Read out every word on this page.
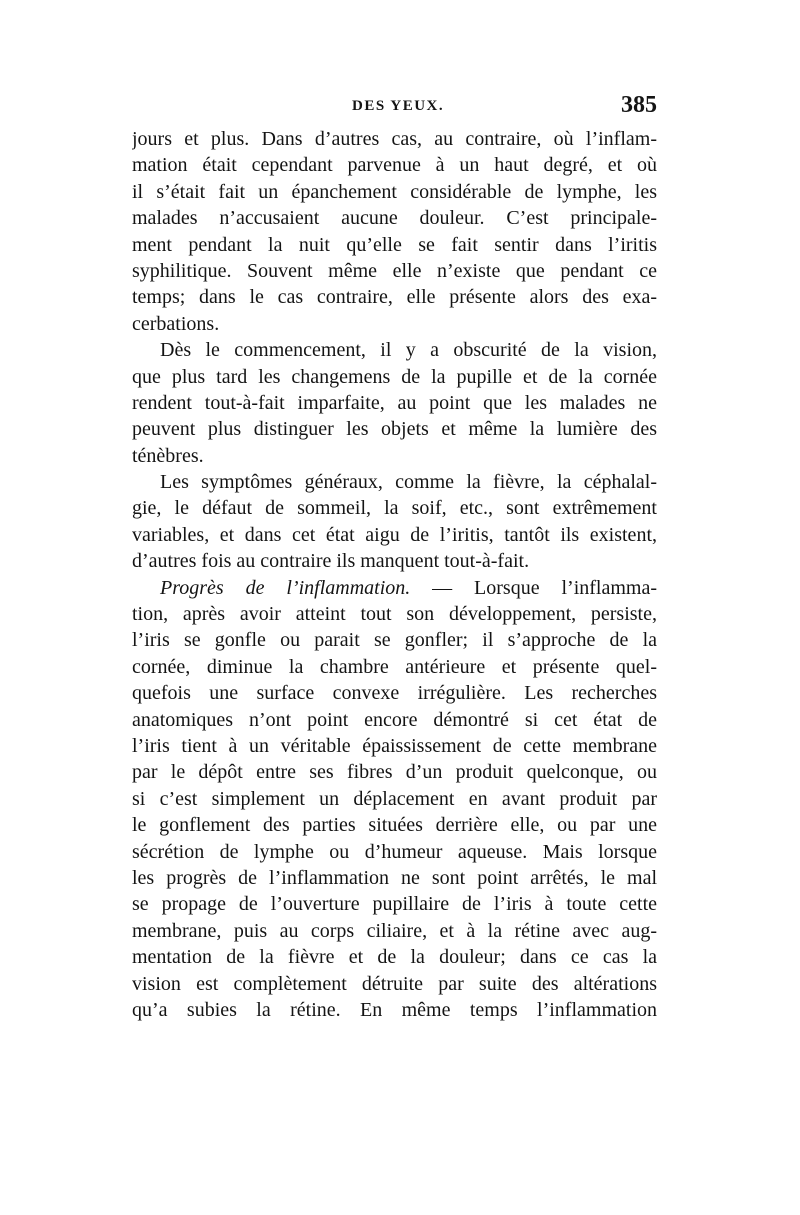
DES YEUX.	385
jours et plus. Dans d’autres cas, au contraire, où l’inflam-
mation était cependant parvenue à un haut degré, et où
il s’était fait un épanchement considérable de lymphe, les
malades n’accusaient aucune douleur. C’est principale-
ment pendant la nuit qu’elle se fait sentir dans l’iritis
syphilitique. Souvent même elle n’existe que pendant ce
temps; dans le cas contraire, elle présente alors des exa-
cerbations.
Dès le commencement, il y a obscurité de la vision,
que plus tard les changemens de la pupille et de la cornée
rendent tout-à-fait imparfaite, au point que les malades ne
peuvent plus distinguer les objets et même la lumière des
ténèbres.
Les symptômes généraux, comme la fièvre, la céphalal-
gie, le défaut de sommeil, la soif, etc., sont extrêmement
variables, et dans cet état aigu de l’iritis, tantôt ils existent,
d’autres fois au contraire ils manquent tout-à-fait.
Progrès de l’inflammation. — Lorsque l’inflamma-
tion, après avoir atteint tout son développement, persiste,
l’iris se gonfle ou parait se gonfler; il s’approche de la
cornée, diminue la chambre antérieure et présente quel-
quefois une surface convexe irrégulière. Les recherches
anatomiques n’ont point encore démontré si cet état de
l’iris tient à un véritable épaississement de cette membrane
par le dépôt entre ses fibres d’un produit quelconque, ou
si c’est simplement un déplacement en avant produit par
le gonflement des parties situées derrière elle, ou par une
sécrétion de lymphe ou d’humeur aqueuse. Mais lorsque
les progrès de l’inflammation ne sont point arrêtés, le mal
se propage de l’ouverture pupillaire de l’iris à toute cette
membrane, puis au corps ciliaire, et à la rétine avec aug-
mentation de la fièvre et de la douleur; dans ce cas la
vision est complètement détruite par suite des altérations
qu’a subies la rétine. En même temps l’inflammation
